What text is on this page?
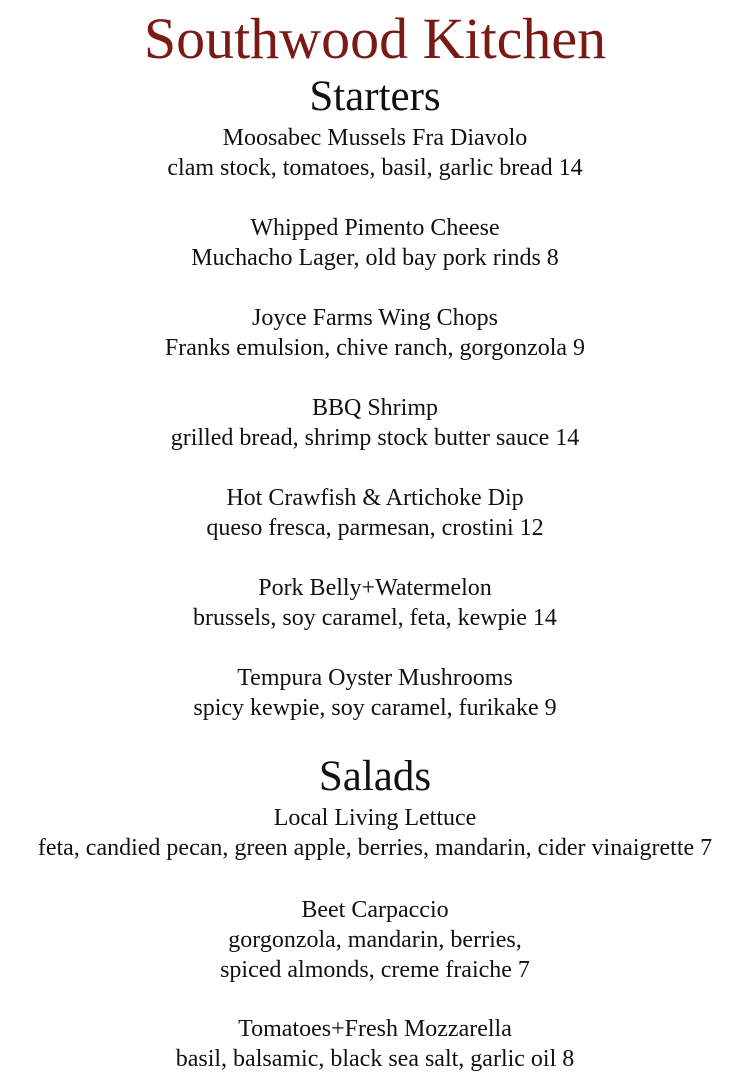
Southwood Kitchen
Starters
Moosabec Mussels Fra Diavolo
clam stock, tomatoes, basil, garlic bread 14
Whipped Pimento Cheese
Muchacho Lager, old bay pork rinds 8
Joyce Farms Wing Chops
Franks emulsion, chive ranch, gorgonzola 9
BBQ Shrimp
grilled bread, shrimp stock butter sauce 14
Hot Crawfish & Artichoke Dip
queso fresca, parmesan, crostini 12
Pork Belly+Watermelon
brussels, soy caramel, feta, kewpie 14
Tempura Oyster Mushrooms
spicy kewpie, soy caramel, furikake 9
Salads
Local Living Lettuce
feta, candied pecan, green apple, berries, mandarin, cider vinaigrette 7
Beet Carpaccio
gorgonzola, mandarin, berries,
spiced almonds, creme fraiche 7
Tomatoes+Fresh Mozzarella
basil, balsamic, black sea salt, garlic oil 8
